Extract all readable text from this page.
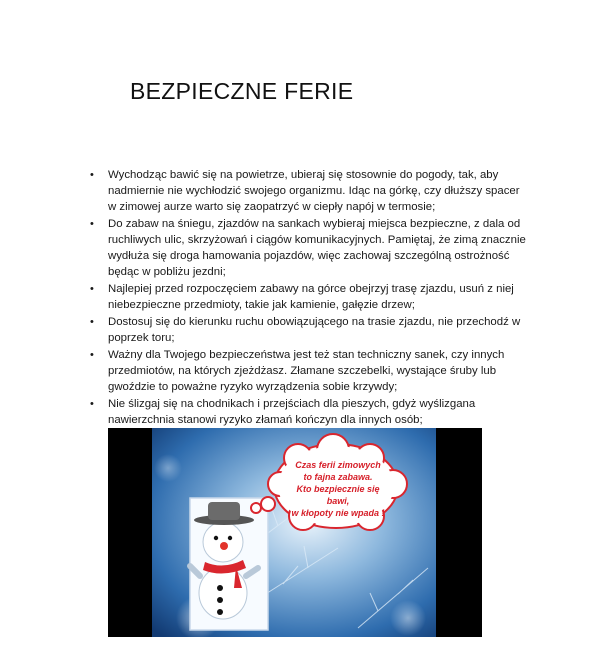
BEZPIECZNE FERIE
• Wychodząc bawić się na powietrze, ubieraj się stosownie do pogody, tak, aby nadmiernie nie wychłodzić swojego organizmu. Idąc na górkę, czy dłuższy spacer w zimowej aurze warto się zaopatrzyć w ciepły napój w termosie;
• Do zabaw na śniegu, zjazdów na sankach wybieraj miejsca bezpieczne, z dala od ruchliwych ulic, skrzyżowań i ciągów komunikacyjnych. Pamiętaj, że zimą znacznie wydłuża się droga hamowania pojazdów, więc zachowaj szczególną ostrożność będąc w pobliżu jezdni;
• Najlepiej przed rozpoczęciem zabawy na górce obejrzyj trasę zjazdu, usuń z niej niebezpieczne przedmioty, takie jak kamienie, gałęzie drzew;
• Dostosuj się do kierunku ruchu obowiązującego na trasie zjazdu, nie przechodź w poprzek toru;
• Ważny dla Twojego bezpieczeństwa jest też stan techniczny sanek, czy innych przedmiotów, na których zjeżdżasz. Złamane szczebelki, wystające śruby lub gwoździe to poważne ryzyko wyrządzenia sobie krzywdy;
• Nie ślizgaj się na chodnikach i przejściach dla pieszych, gdyż wyślizgana nawierzchnia stanowi ryzyko złamań kończyn dla innych osób;
Czas ferii zimowych
to fajna zabawa.
Kto bezpiecznie się
bawi,
w kłopoty nie wpada !
